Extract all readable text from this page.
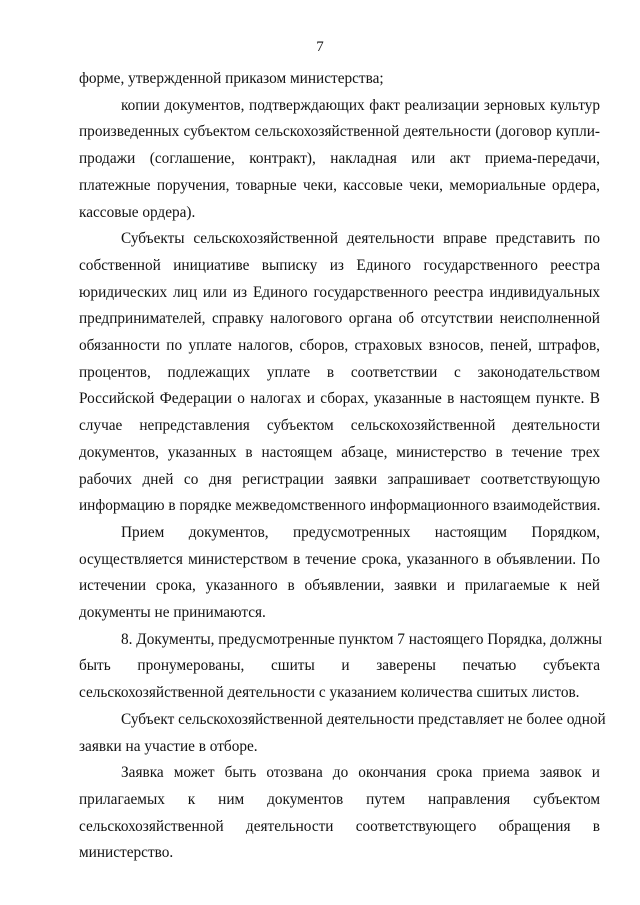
7

форме, утвержденной приказом министерства;

копии документов, подтверждающих факт реализации зерновых культур
произведенных субъектом сельскохозяйственной деятельности (договор купли-
продажи (соглашение, контракт), накладная или акт приема-передачи,
платежные поручения, товарные чеки, кассовые чеки, мемориальные ордера,
кассовые ордера).

Субъекты сельскохозяйственной деятельности вправе представить по
собственной инициативе выписку из Единого государственного реестра
юридических лиц или из Единого государственного реестра индивидуальных
предпринимателей, справку налогового органа об отсутствии неисполненной
обязанности по уплате налогов, сборов, страховых взносов, пеней, штрафов,
процентов, подлежащих уплате в соответствии с законодательством
Российской Федерации о налогах и сборах, указанные в настоящем пункте. В
случае непредставления субъектом сельскохозяйственной деятельности
документов, указанных в настоящем абзаце, министерство в течение трех
рабочих дней со дня регистрации заявки запрашивает соответствующую
информацию в порядке межведомственного информационного взаимодействия.

Прием документов, предусмотренных настоящим Порядком,
осуществляется министерством в течение срока, указанного в объявлении. По
истечении срока, указанного в объявлении, заявки и прилагаемые к ней
документы не принимаются.

8. Документы, предусмотренные пунктом 7 настоящего Порядка, должны
быть пронумерованы, сшиты и заверены печатью субъекта
сельскохозяйственной деятельности с указанием количества сшитых листов.

Субъект сельскохозяйственной деятельности представляет не более одной
заявки на участие в отборе.

Заявка может быть отозвана до окончания срока приема заявок и
прилагаемых к ним документов путем направления субъектом
сельскохозяйственной деятельности соответствующего обращения в
министерство.
